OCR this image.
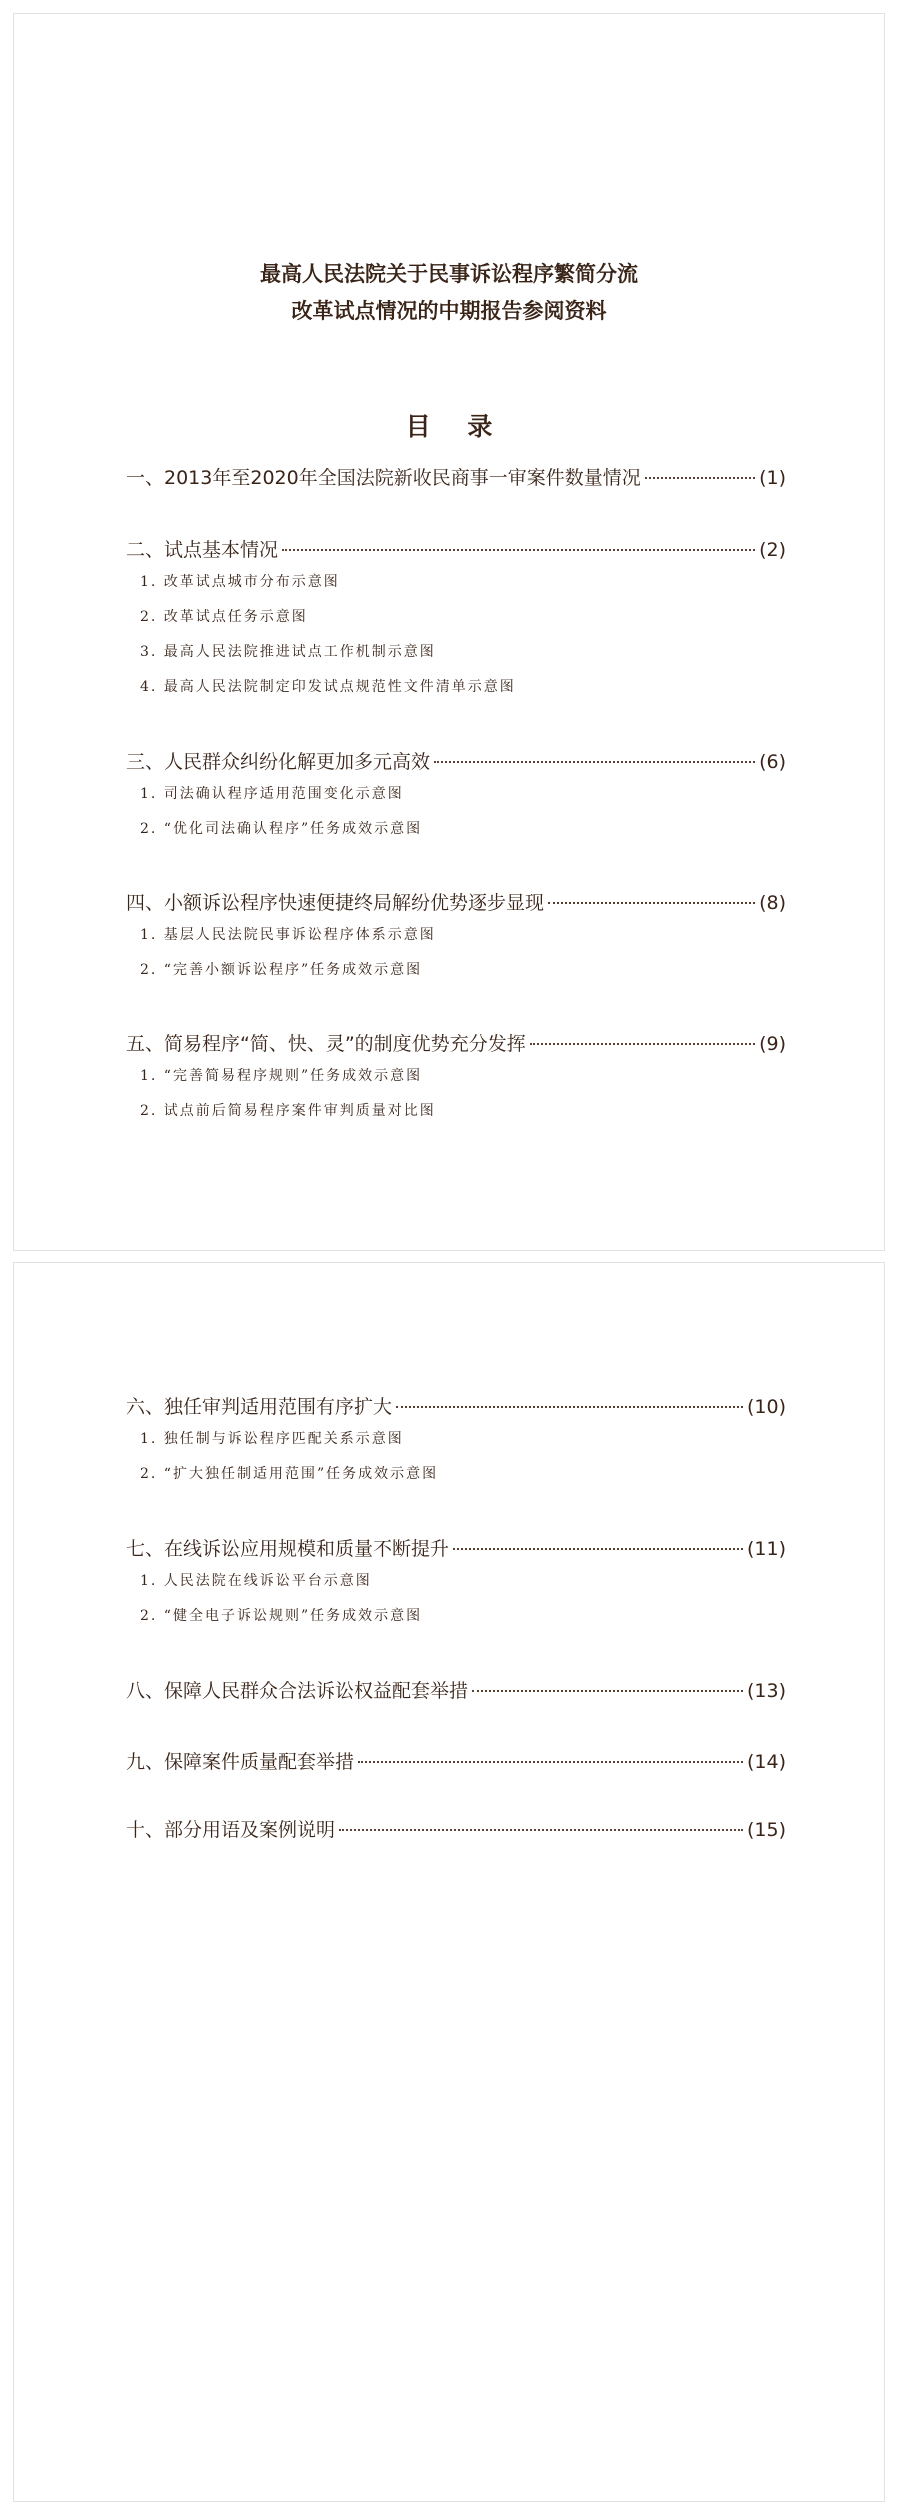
最高人民法院关于民事诉讼程序繁简分流
改革试点情况的中期报告参阅资料
目 录
一、2013年至2020年全国法院新收民商事一审案件数量情况	(1)
二、试点基本情况	(2)
1. 改革试点城市分布示意图
2. 改革试点任务示意图
3. 最高人民法院推进试点工作机制示意图
4. 最高人民法院制定印发试点规范性文件清单示意图
三、人民群众纠纷化解更加多元高效	(6)
1. 司法确认程序适用范围变化示意图
2. “优化司法确认程序”任务成效示意图
四、小额诉讼程序快速便捷终局解纷优势逐步显现	(8)
1. 基层人民法院民事诉讼程序体系示意图
2. “完善小额诉讼程序”任务成效示意图
五、简易程序“简、快、灵”的制度优势充分发挥	(9)
1. “完善简易程序规则”任务成效示意图
2. 试点前后简易程序案件审判质量对比图
六、独任审判适用范围有序扩大	(10)
1. 独任制与诉讼程序匹配关系示意图
2. “扩大独任制适用范围”任务成效示意图
七、在线诉讼应用规模和质量不断提升	(11)
1. 人民法院在线诉讼平台示意图
2. “健全电子诉讼规则”任务成效示意图
八、保障人民群众合法诉讼权益配套举措	(13)
九、保障案件质量配套举措	(14)
十、部分用语及案例说明	(15)
